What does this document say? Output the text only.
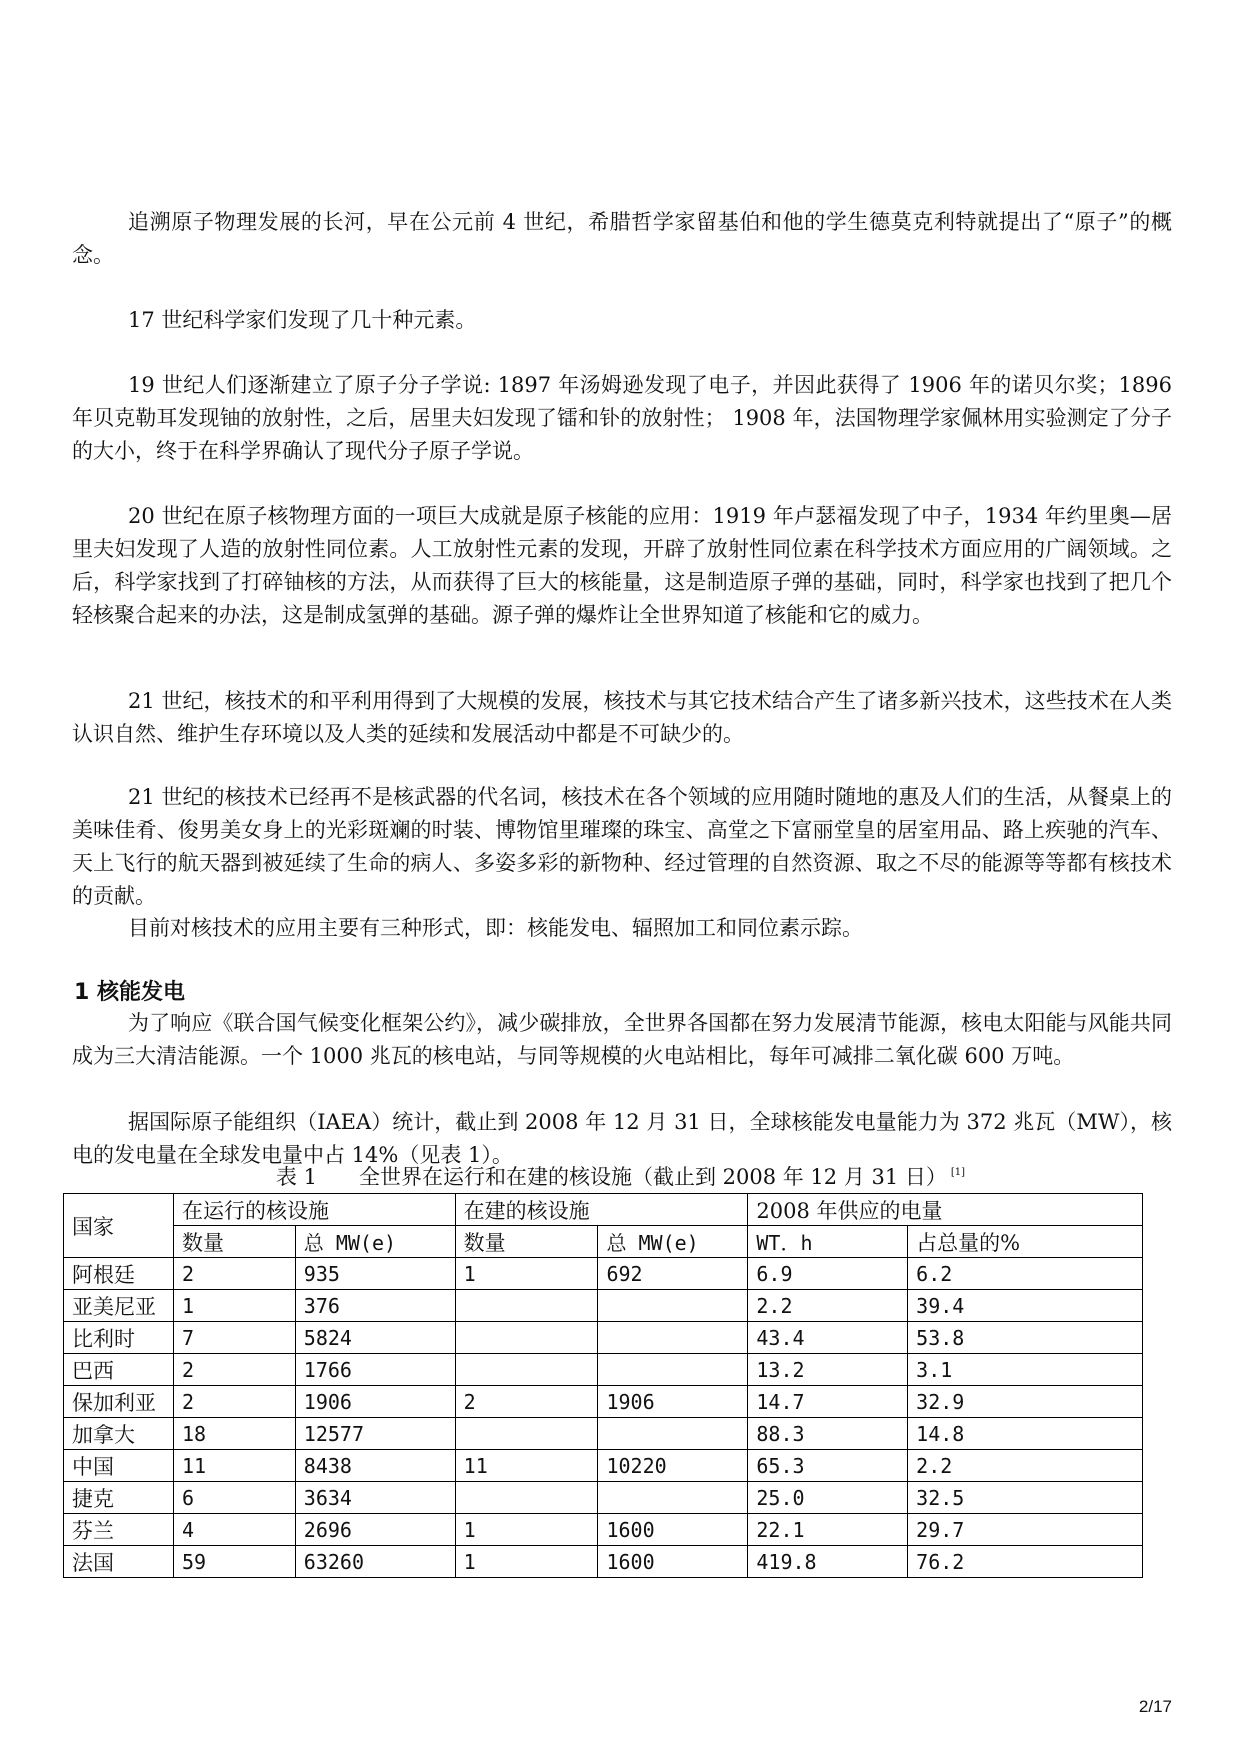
追溯原子物理发展的长河，早在公元前 4 世纪，希腊哲学家留基伯和他的学生德莫克利特就提出了“原子”的概念。

17 世纪科学家们发现了几十种元素。

19 世纪人们逐渐建立了原子分子学说: 1897 年汤姆逊发现了电子，并因此获得了 1906 年的诺贝尔奖；1896 年贝克勒耳发现铀的放射性，之后，居里夫妇发现了镭和钋的放射性； 1908 年，法国物理学家佩林用实验测定了分子的大小，终于在科学界确认了现代分子原子学说。

20 世纪在原子核物理方面的一项巨大成就是原子核能的应用：1919 年卢瑟福发现了中子，1934 年约里奥—居里夫妇发现了人造的放射性同位素。人工放射性元素的发现，开辟了放射性同位素在科学技术方面应用的广阔领域。之后，科学家找到了打碎铀核的方法，从而获得了巨大的核能量，这是制造原子弹的基础，同时，科学家也找到了把几个轻核聚合起来的办法，这是制成氢弹的基础。源子弹的爆炸让全世界知道了核能和它的威力。

21 世纪，核技术的和平利用得到了大规模的发展，核技术与其它技术结合产生了诸多新兴技术，这些技术在人类认识自然、维护生存环境以及人类的延续和发展活动中都是不可缺少的。

21 世纪的核技术已经再不是核武器的代名词，核技术在各个领域的应用随时随地的惠及人们的生活，从餐桌上的美味佳肴、俊男美女身上的光彩斑斓的时装、博物馆里璀璨的珠宝、高堂之下富丽堂皇的居室用品、路上疾驰的汽车、天上飞行的航天器到被延续了生命的病人、多姿多彩的新物种、经过管理的自然资源、取之不尽的能源等等都有核技术的贡献。

目前对核技术的应用主要有三种形式，即：核能发电、辐照加工和同位素示踪。

1 核能发电

为了响应《联合国气候变化框架公约》，减少碳排放，全世界各国都在努力发展清节能源，核电太阳能与风能共同成为三大清洁能源。一个 1000 兆瓦的核电站，与同等规模的火电站相比，每年可减排二氧化碳 600 万吨。

据国际原子能组织（IAEA）统计，截止到 2008 年 12 月 31 日，全球核能发电量能力为 372 兆瓦（MW），核电的发电量在全球发电量中占 14%（见表 1）。

表 1　　全世界在运行和在建的核设施（截止到 2008 年 12 月 31 日） [1]

国家	在运行的核设施		在建的核设施		2008 年供应的电量	
	数量	总 MW(e)	数量	总 MW(e)	WT．h	占总量的%
阿根廷	2	935	1	692	6.9	6.2
亚美尼亚	1	376			2.2	39.4
比利时	7	5824			43.4	53.8
巴西	2	1766			13.2	3.1
保加利亚	2	1906	2	1906	14.7	32.9
加拿大	18	12577			88.3	14.8
中国	11	8438	11	10220	65.3	2.2
捷克	6	3634			25.0	32.5
芬兰	4	2696	1	1600	22.1	29.7
法国	59	63260	1	1600	419.8	76.2

2/17
